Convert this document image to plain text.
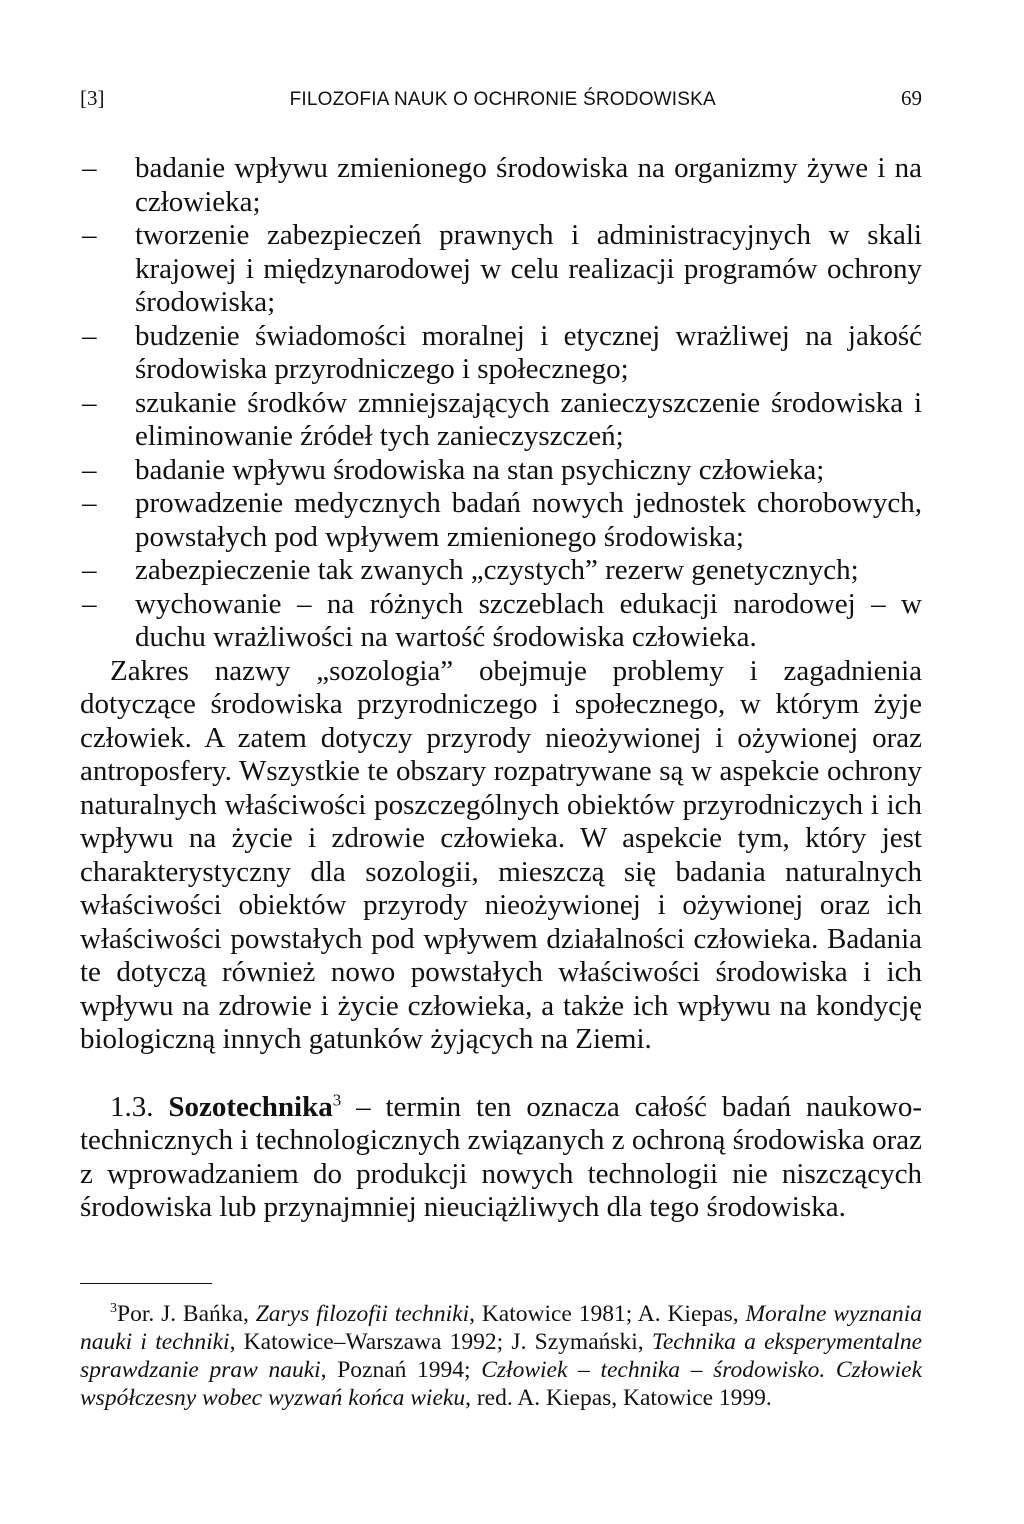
[3]	FILOZOFIA NAUK O OCHRONIE ŚRODOWISKA	69
– badanie wpływu zmienionego środowiska na organizmy żywe i na człowieka;
– tworzenie zabezpieczeń prawnych i administracyjnych w skali krajowej i międzynarodowej w celu realizacji programów ochrony środowiska;
– budzenie świadomości moralnej i etycznej wrażliwej na jakość środowiska przyrodniczego i społecznego;
– szukanie środków zmniejszających zanieczyszczenie środowiska i eliminowanie źródeł tych zanieczyszczeń;
– badanie wpływu środowiska na stan psychiczny człowieka;
– prowadzenie medycznych badań nowych jednostek chorobowych, powstałych pod wpływem zmienionego środowiska;
– zabezpieczenie tak zwanych „czystych” rezerw genetycznych;
– wychowanie – na różnych szczeblach edukacji narodowej – w duchu wrażliwości na wartość środowiska człowieka.

Zakres nazwy „sozologia” obejmuje problemy i zagadnienia dotyczące środowiska przyrodniczego i społecznego, w którym żyje człowiek. A zatem dotyczy przyrody nieożywionej i ożywionej oraz antroposfery. Wszystkie te obszary rozpatrywane są w aspekcie ochrony naturalnych właściwości poszczególnych obiektów przyrodniczych i ich wpływu na życie i zdrowie człowieka. W aspekcie tym, który jest charakterystyczny dla sozologii, mieszczą się badania naturalnych właściwości obiektów przyrody nieożywionej i ożywionej oraz ich właściwości powstałych pod wpływem działalności człowieka. Badania te dotyczą również nowo powstałych właściwości środowiska i ich wpływu na zdrowie i życie człowieka, a także ich wpływu na kondycję biologiczną innych gatunków żyjących na Ziemi.

1.3. Sozotechnika$^3$ – termin ten oznacza całość badań naukowo-technicznych i technologicznych związanych z ochroną środowiska oraz z wprowadzaniem do produkcji nowych technologii nie niszczących środowiska lub przynajmniej nieuciążliwych dla tego środowiska.

$^3$Por. J. Bańka, Zarys filozofii techniki, Katowice 1981; A. Kiepas, Moralne wyznania nauki i techniki, Katowice–Warszawa 1992; J. Szymański, Technika a eksperymentalne sprawdzanie praw nauki, Poznań 1994; Człowiek – technika – środowisko. Człowiek współczesny wobec wyzwań końca wieku, red. A. Kiepas, Katowice 1999.
